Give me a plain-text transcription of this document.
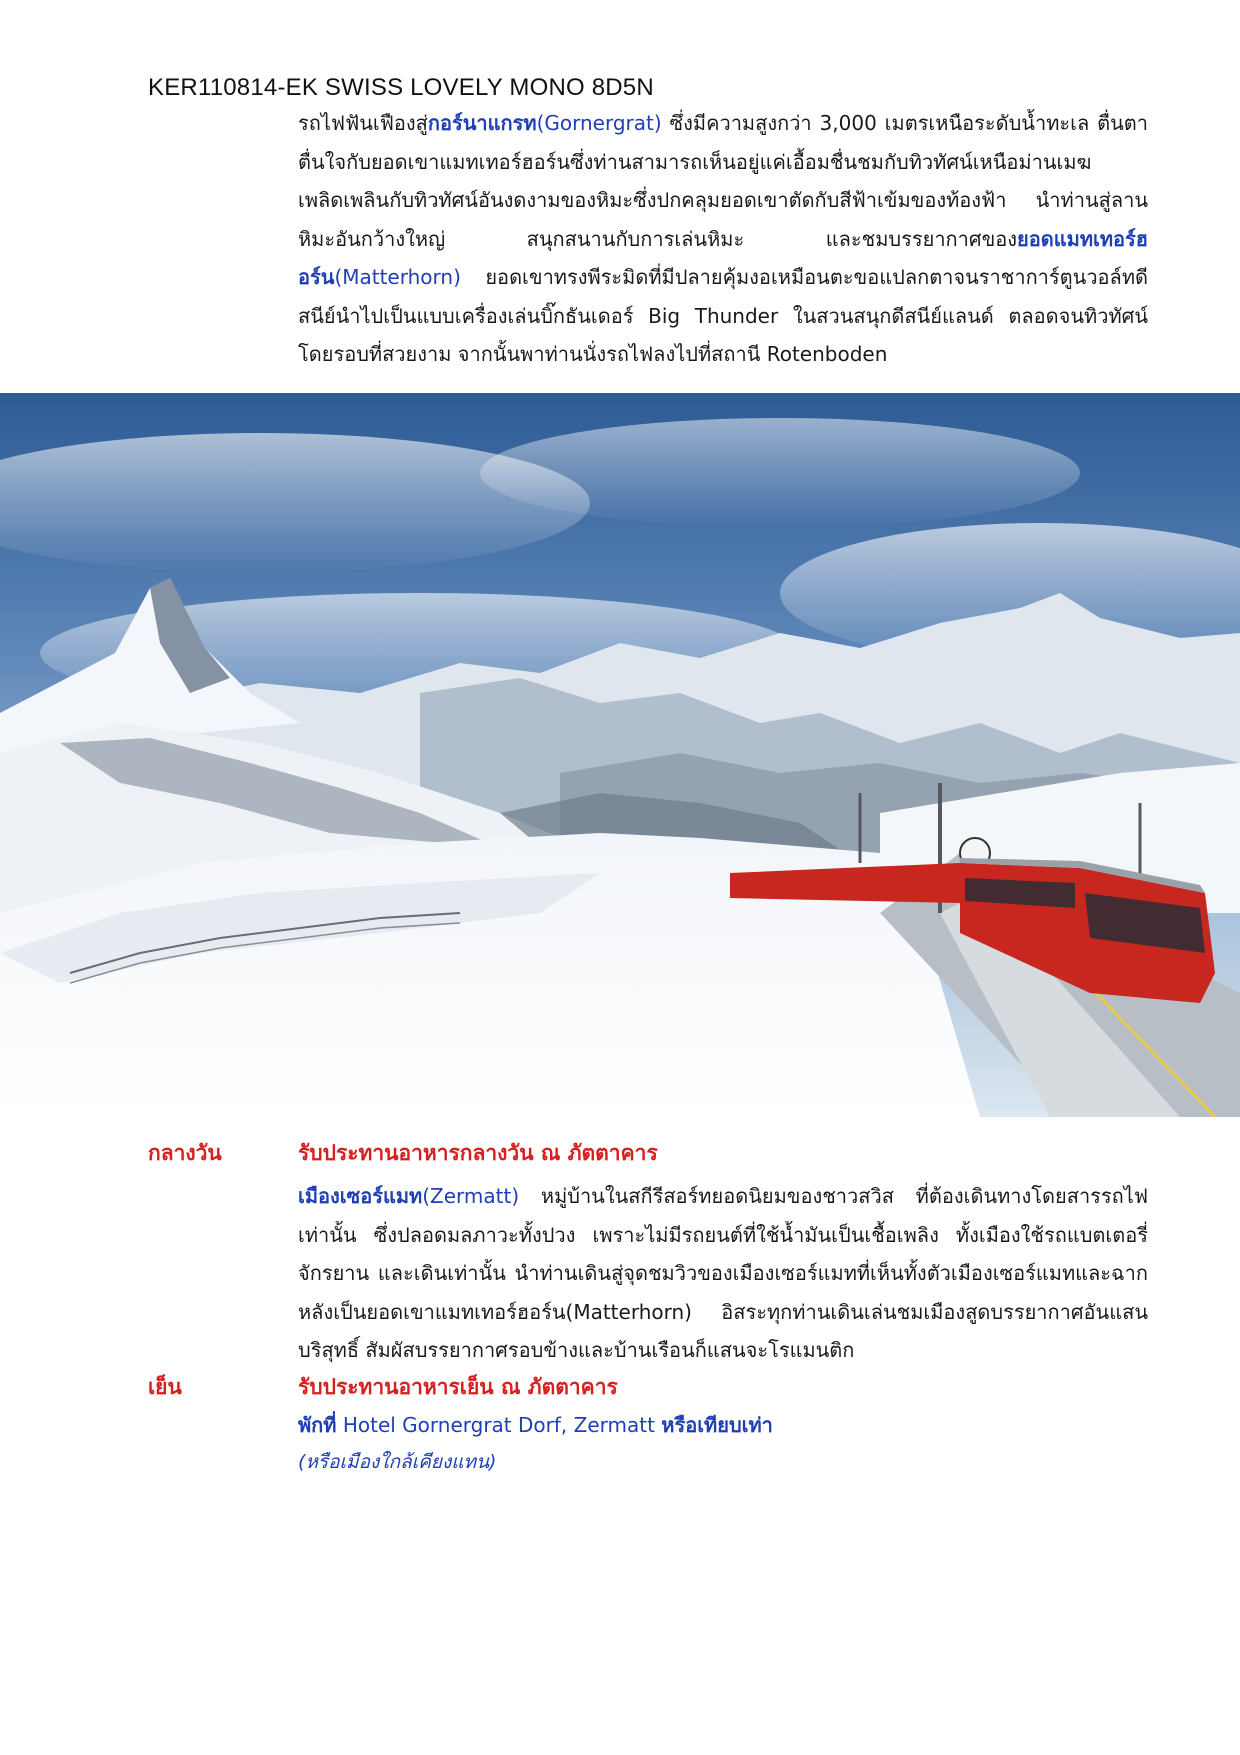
KER110814-EK SWISS LOVELY MONO 8D5N
รถไฟฟันเฟืองสู่กอร์นาแกรท(Gornergrat) ซึ่งมีความสูงกว่า 3,000 เมตรเหนือระดับน้ำทะเล ตื่นตาตื่นใจกับยอดเขาแมทเทอร์ฮอร์นซึ่งท่านสามารถเห็นอยู่แค่เอื้อมชื่นชมกับทิวทัศน์เหนือม่านเมฆ เพลิดเพลินกับทิวทัศน์อันงดงามของหิมะซึ่งปกคลุมยอดเขาตัดกับสีฟ้าเข้มของท้องฟ้า นำท่านสู่ลานหิมะอันกว้างใหญ่ สนุกสนานกับการเล่นหิมะ และชมบรรยากาศของยอดแมทเทอร์ฮอร์น(Matterhorn) ยอดเขาทรงพีระมิดที่มีปลายคุ้มงอเหมือนตะขอแปลกตาจนราชาการ์ตูนวอล์ทดีสนีย์นำไปเป็นแบบเครื่องเล่นบิ๊กธันเดอร์ Big Thunder ในสวนสนุกดีสนีย์แลนด์ ตลอดจนทิวทัศน์โดยรอบที่สวยงาม จากนั้นพาท่านนั่งรถไฟลงไปที่สถานี Rotenboden
กลางวัน	รับประทานอาหารกลางวัน ณ ภัตตาคาร
เมืองเซอร์แมท(Zermatt) หมู่บ้านในสกีรีสอร์ทยอดนิยมของชาวสวิส ที่ต้องเดินทางโดยสารรถไฟเท่านั้น ซึ่งปลอดมลภาวะทั้งปวง เพราะไม่มีรถยนต์ที่ใช้น้ำมันเป็นเชื้อเพลิง ทั้งเมืองใช้รถแบตเตอรี่ จักรยาน และเดินเท่านั้น นำท่านเดินสู่จุดชมวิวของเมืองเซอร์แมทที่เห็นทั้งตัวเมืองเซอร์แมทและฉากหลังเป็นยอดเขาแมทเทอร์ฮอร์น(Matterhorn) อิสระทุกท่านเดินเล่นชมเมืองสูดบรรยากาศอันแสนบริสุทธิ์ สัมผัสบรรยากาศรอบข้างและบ้านเรือนก็แสนจะโรแมนติก
เย็น	รับประทานอาหารเย็น ณ ภัตตาคาร
พักที่ Hotel Gornergrat Dorf, Zermatt หรือเทียบเท่า
(หรือเมืองใกล้เคียงแทน)
